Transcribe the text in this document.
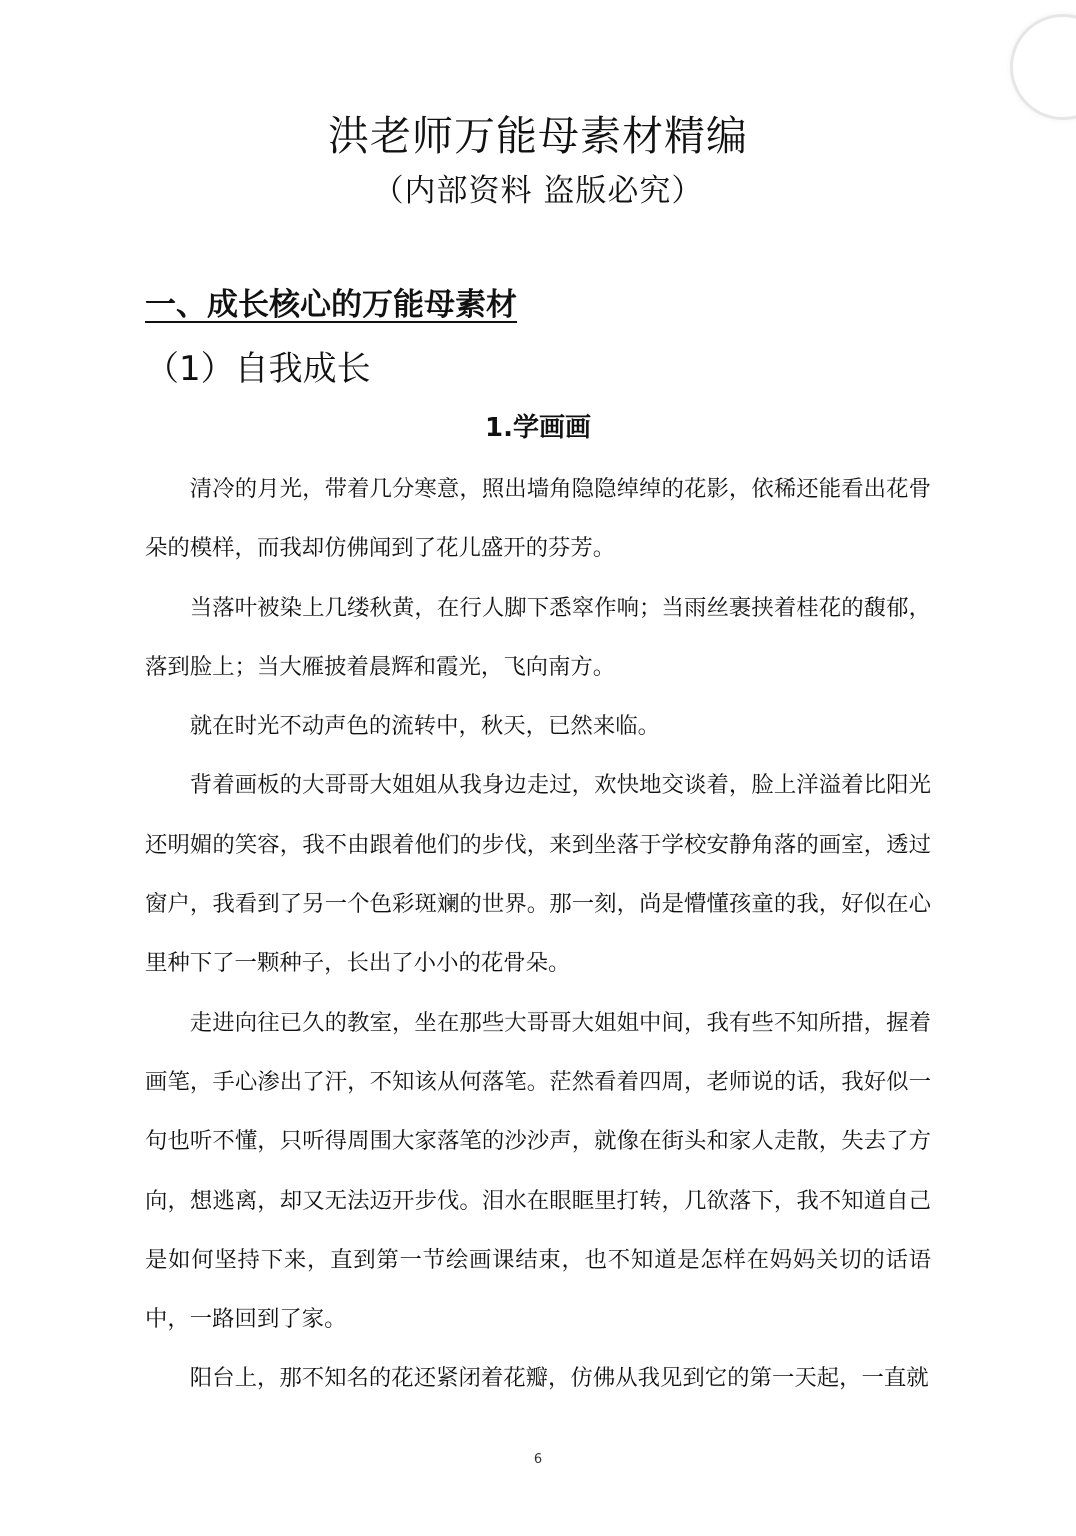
洪老师万能母素材精编
（内部资料 盗版必究）
一、成长核心的万能母素材
（1）自我成长
1.学画画

清冷的月光，带着几分寒意，照出墙角隐隐绰绰的花影，依稀还能看出花骨朵的模样，而我却仿佛闻到了花儿盛开的芬芳。

当落叶被染上几缕秋黄，在行人脚下悉窣作响；当雨丝裹挟着桂花的馥郁，落到脸上；当大雁披着晨辉和霞光，飞向南方。

就在时光不动声色的流转中，秋天，已然来临。

背着画板的大哥哥大姐姐从我身边走过，欢快地交谈着，脸上洋溢着比阳光还明媚的笑容，我不由跟着他们的步伐，来到坐落于学校安静角落的画室，透过窗户，我看到了另一个色彩斑斓的世界。那一刻，尚是懵懂孩童的我，好似在心里种下了一颗种子，长出了小小的花骨朵。

走进向往已久的教室，坐在那些大哥哥大姐姐中间，我有些不知所措，握着画笔，手心渗出了汗，不知该从何落笔。茫然看着四周，老师说的话，我好似一句也听不懂，只听得周围大家落笔的沙沙声，就像在街头和家人走散，失去了方向，想逃离，却又无法迈开步伐。泪水在眼眶里打转，几欲落下，我不知道自己是如何坚持下来，直到第一节绘画课结束，也不知道是怎样在妈妈关切的话语中，一路回到了家。

阳台上，那不知名的花还紧闭着花瓣，仿佛从我见到它的第一天起，一直就

6
